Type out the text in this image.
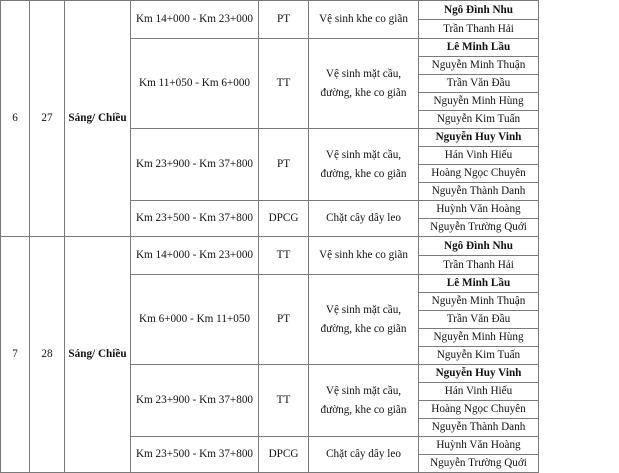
6	27	Sáng/ Chiều	Km 14+000 - Km 23+000	PT	Vệ sinh khe co giãn	Ngô Đình Nhu
						Trần Thanh Hải
			Km 11+050 - Km 6+000	TT	Vệ sinh mặt cầu, đường, khe co giãn	Lê Minh Lầu
						Nguyễn Minh Thuận
						Trần Văn Đầu
						Nguyễn Minh Hùng
						Nguyễn Kim Tuấn
			Km 23+900 - Km 37+800	PT	Vệ sinh mặt cầu, đường, khe co giãn	Nguyễn Huy Vinh
						Hán Vinh Hiếu
						Hoàng Ngọc Chuyên
						Nguyễn Thành Danh
			Km 23+500 - Km 37+800	DPCG	Chặt cây dây leo	Huỳnh Văn Hoàng
						Nguyễn Trường Quới
7	28	Sáng/ Chiều	Km 14+000 - Km 23+000	TT	Vệ sinh khe co giãn	Ngô Đình Nhu
						Trần Thanh Hải
			Km 6+000 - Km 11+050	PT	Vệ sinh mặt cầu, đường, khe co giãn	Lê Minh Lầu
						Nguyễn Minh Thuận
						Trần Văn Đầu
						Nguyễn Minh Hùng
						Nguyễn Kim Tuấn
			Km 23+900 - Km 37+800	TT	Vệ sinh mặt cầu, đường, khe co giãn	Nguyễn Huy Vinh
						Hán Vinh Hiếu
						Hoàng Ngọc Chuyên
						Nguyễn Thành Danh
			Km 23+500 - Km 37+800	DPCG	Chặt cây dây leo	Huỳnh Văn Hoàng
						Nguyễn Trường Quới
